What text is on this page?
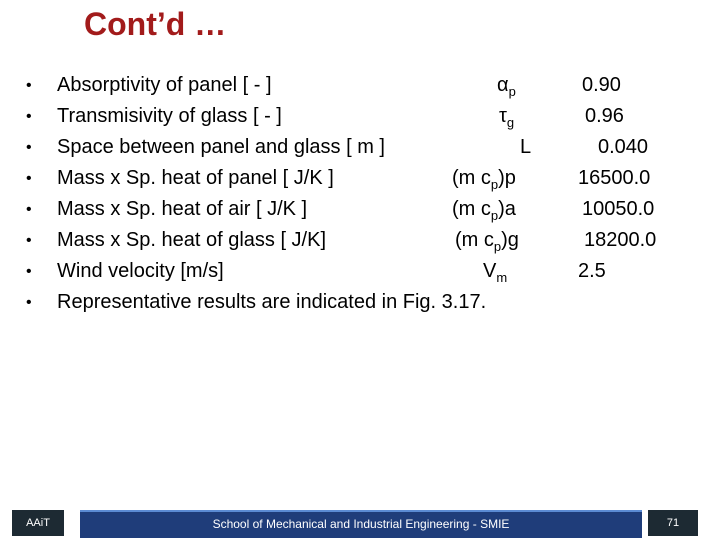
Cont’d …
• Absorptivity of panel [ - ]	$\alpha_p$	0.90
• Transmisivity of glass [ - ]	$\tau_g$	0.96
• Space between panel and glass [ m ]	L	0.040
• Mass x Sp. heat of panel [ J/K ]	(m $c_p)p$	16500.0
• Mass x Sp. heat of air [ J/K ]	(m $c_p)a$	10050.0
• Mass x Sp. heat of glass [ J/K]	(m $c_p)g$	18200.0
• Wind velocity [m/s]	$V_m$	2.5
• Representative results are indicated in Fig. 3.17.
AAiT	School of Mechanical and Industrial Engineering - SMIE	71
